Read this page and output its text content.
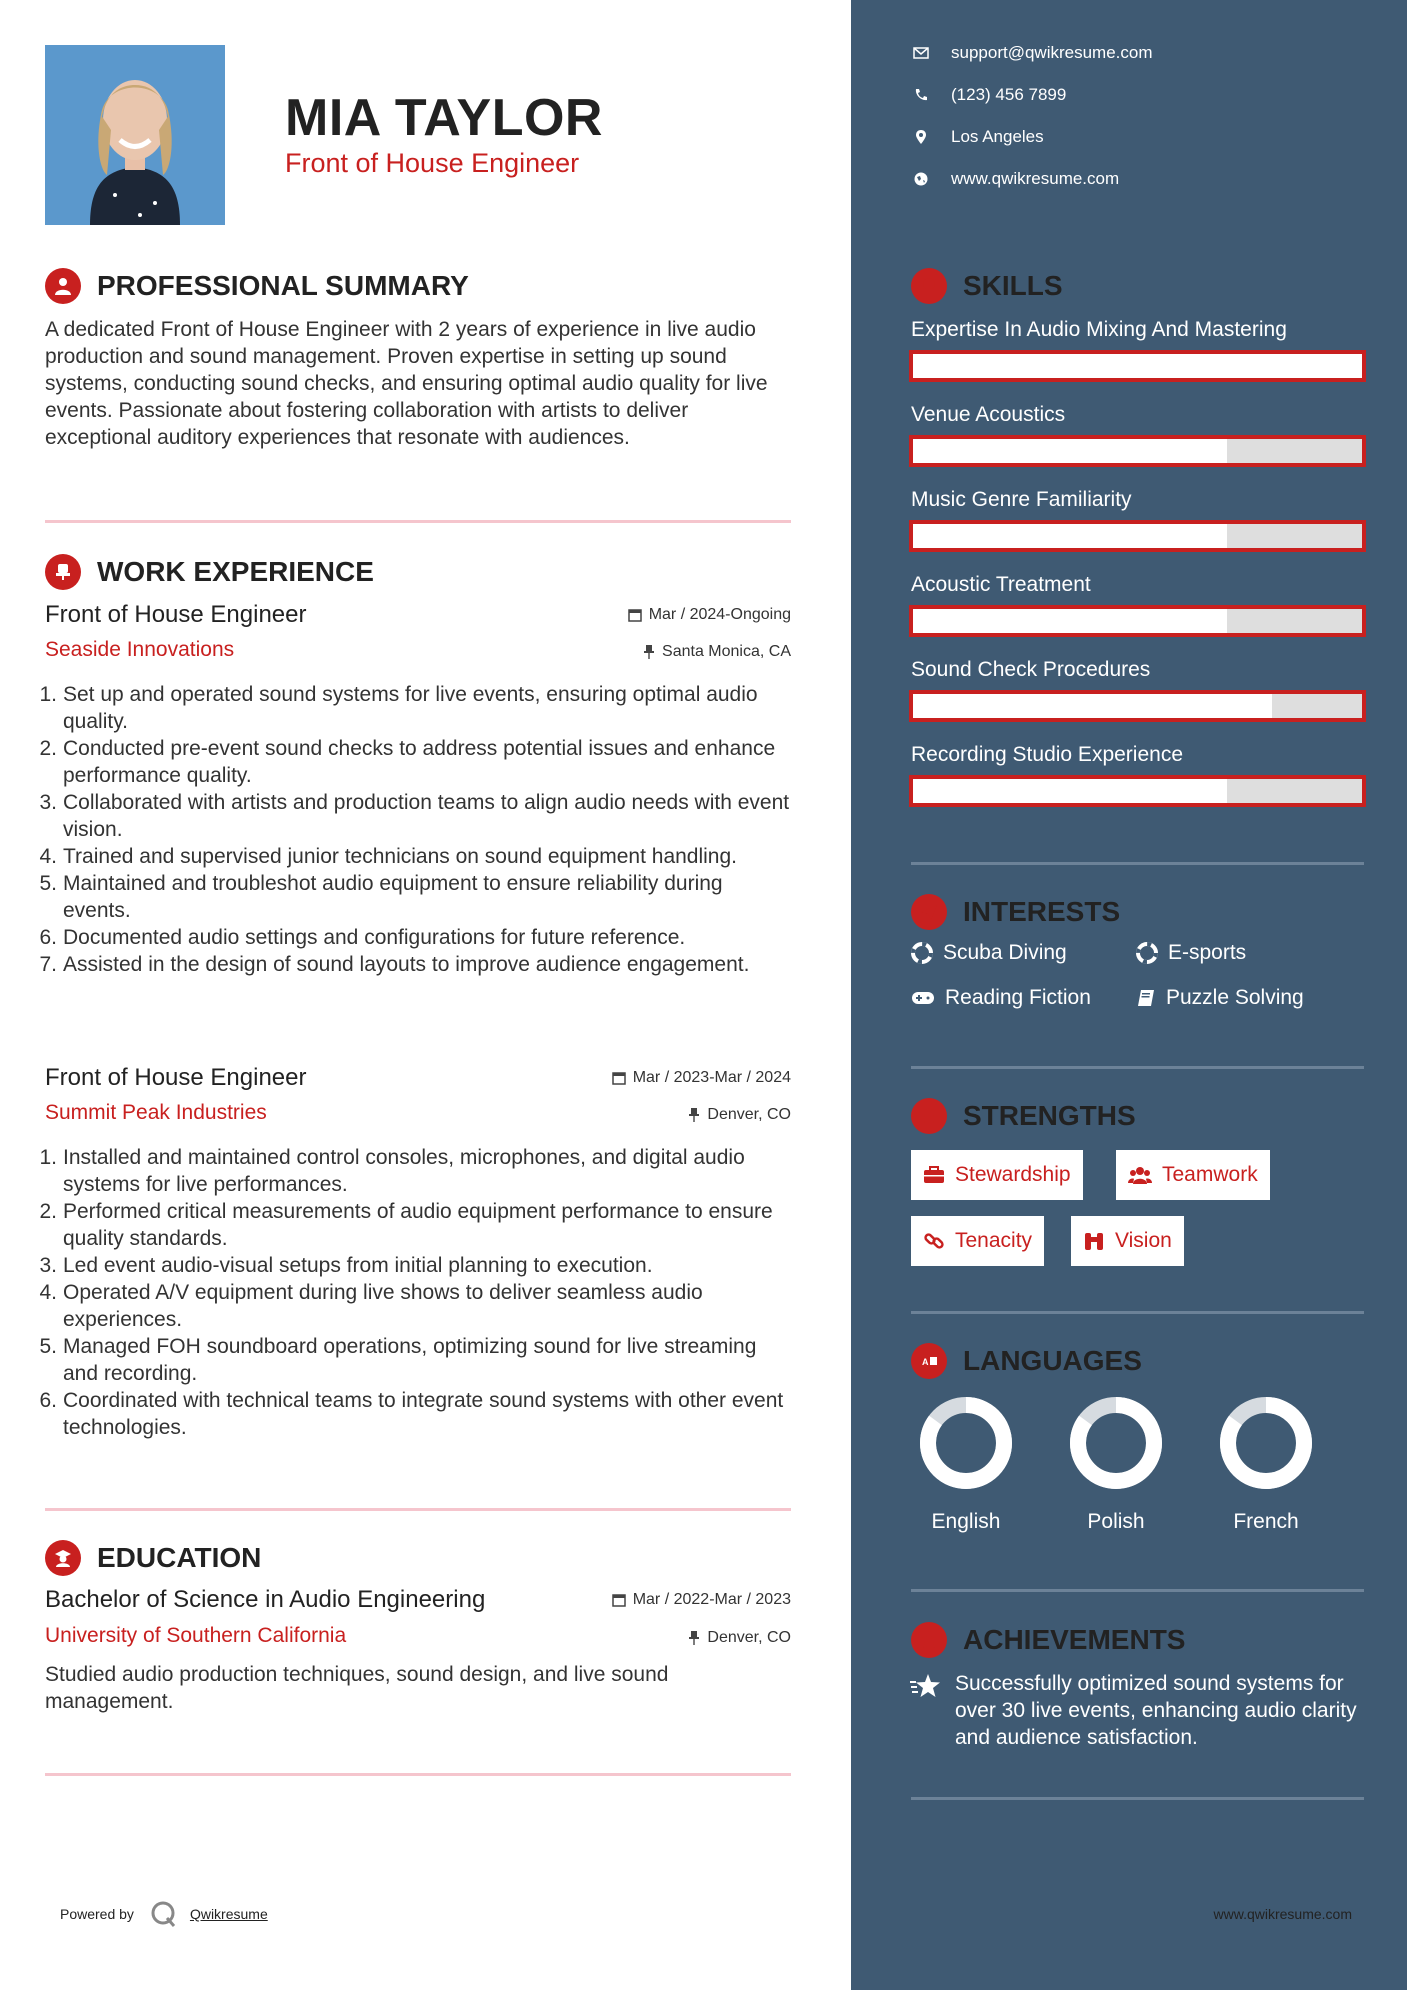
MIA TAYLOR
Front of House Engineer
PROFESSIONAL SUMMARY
A dedicated Front of House Engineer with 2 years of experience in live audio production and sound management. Proven expertise in setting up sound systems, conducting sound checks, and ensuring optimal audio quality for live events. Passionate about fostering collaboration with artists to deliver exceptional auditory experiences that resonate with audiences.
WORK EXPERIENCE
Front of House Engineer	Mar / 2024-Ongoing
Seaside Innovations	Santa Monica, CA
1. Set up and operated sound systems for live events, ensuring optimal audio quality.
2. Conducted pre-event sound checks to address potential issues and enhance performance quality.
3. Collaborated with artists and production teams to align audio needs with event vision.
4. Trained and supervised junior technicians on sound equipment handling.
5. Maintained and troubleshot audio equipment to ensure reliability during events.
6. Documented audio settings and configurations for future reference.
7. Assisted in the design of sound layouts to improve audience engagement.
Front of House Engineer	Mar / 2023-Mar / 2024
Summit Peak Industries	Denver, CO
1. Installed and maintained control consoles, microphones, and digital audio systems for live performances.
2. Performed critical measurements of audio equipment performance to ensure quality standards.
3. Led event audio-visual setups from initial planning to execution.
4. Operated A/V equipment during live shows to deliver seamless audio experiences.
5. Managed FOH soundboard operations, optimizing sound for live streaming and recording.
6. Coordinated with technical teams to integrate sound systems with other event technologies.
EDUCATION
Bachelor of Science in Audio Engineering	Mar / 2022-Mar / 2023
University of Southern California	Denver, CO
Studied audio production techniques, sound design, and live sound management.
Powered by	Qwikresume
support@qwikresume.com
(123) 456 7899
Los Angeles
www.qwikresume.com
SKILLS
Expertise In Audio Mixing And Mastering
Venue Acoustics
Music Genre Familiarity
Acoustic Treatment
Sound Check Procedures
Recording Studio Experience
INTERESTS
Scuba Diving	E-sports
Reading Fiction	Puzzle Solving
STRENGTHS
Stewardship	Teamwork
Tenacity	Vision
A LANGUAGES
English	Polish	French
ACHIEVEMENTS
Successfully optimized sound systems for over 30 live events, enhancing audio clarity and audience satisfaction.
www.qwikresume.com
